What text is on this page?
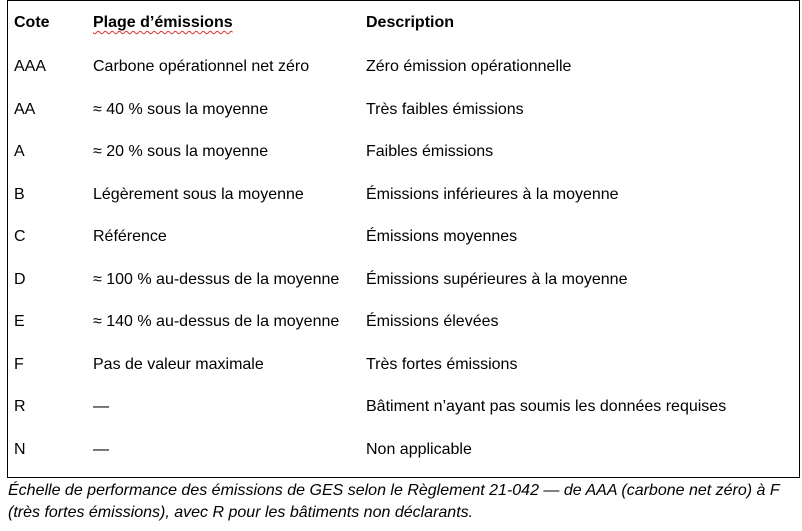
Cote	Plage d’émissions	Description
AAA	Carbone opérationnel net zéro	Zéro émission opérationnelle
AA	≈ 40 % sous la moyenne	Très faibles émissions
A	≈ 20 % sous la moyenne	Faibles émissions
B	Légèrement sous la moyenne	Émissions inférieures à la moyenne
C	Référence	Émissions moyennes
D	≈ 100 % au-dessus de la moyenne	Émissions supérieures à la moyenne
E	≈ 140 % au-dessus de la moyenne	Émissions élevées
F	Pas de valeur maximale	Très fortes émissions
R	—	Bâtiment n’ayant pas soumis les données requises
N	—	Non applicable

Échelle de performance des émissions de GES selon le Règlement 21-042 — de AAA (carbone net zéro) à F (très fortes émissions), avec R pour les bâtiments non déclarants.
